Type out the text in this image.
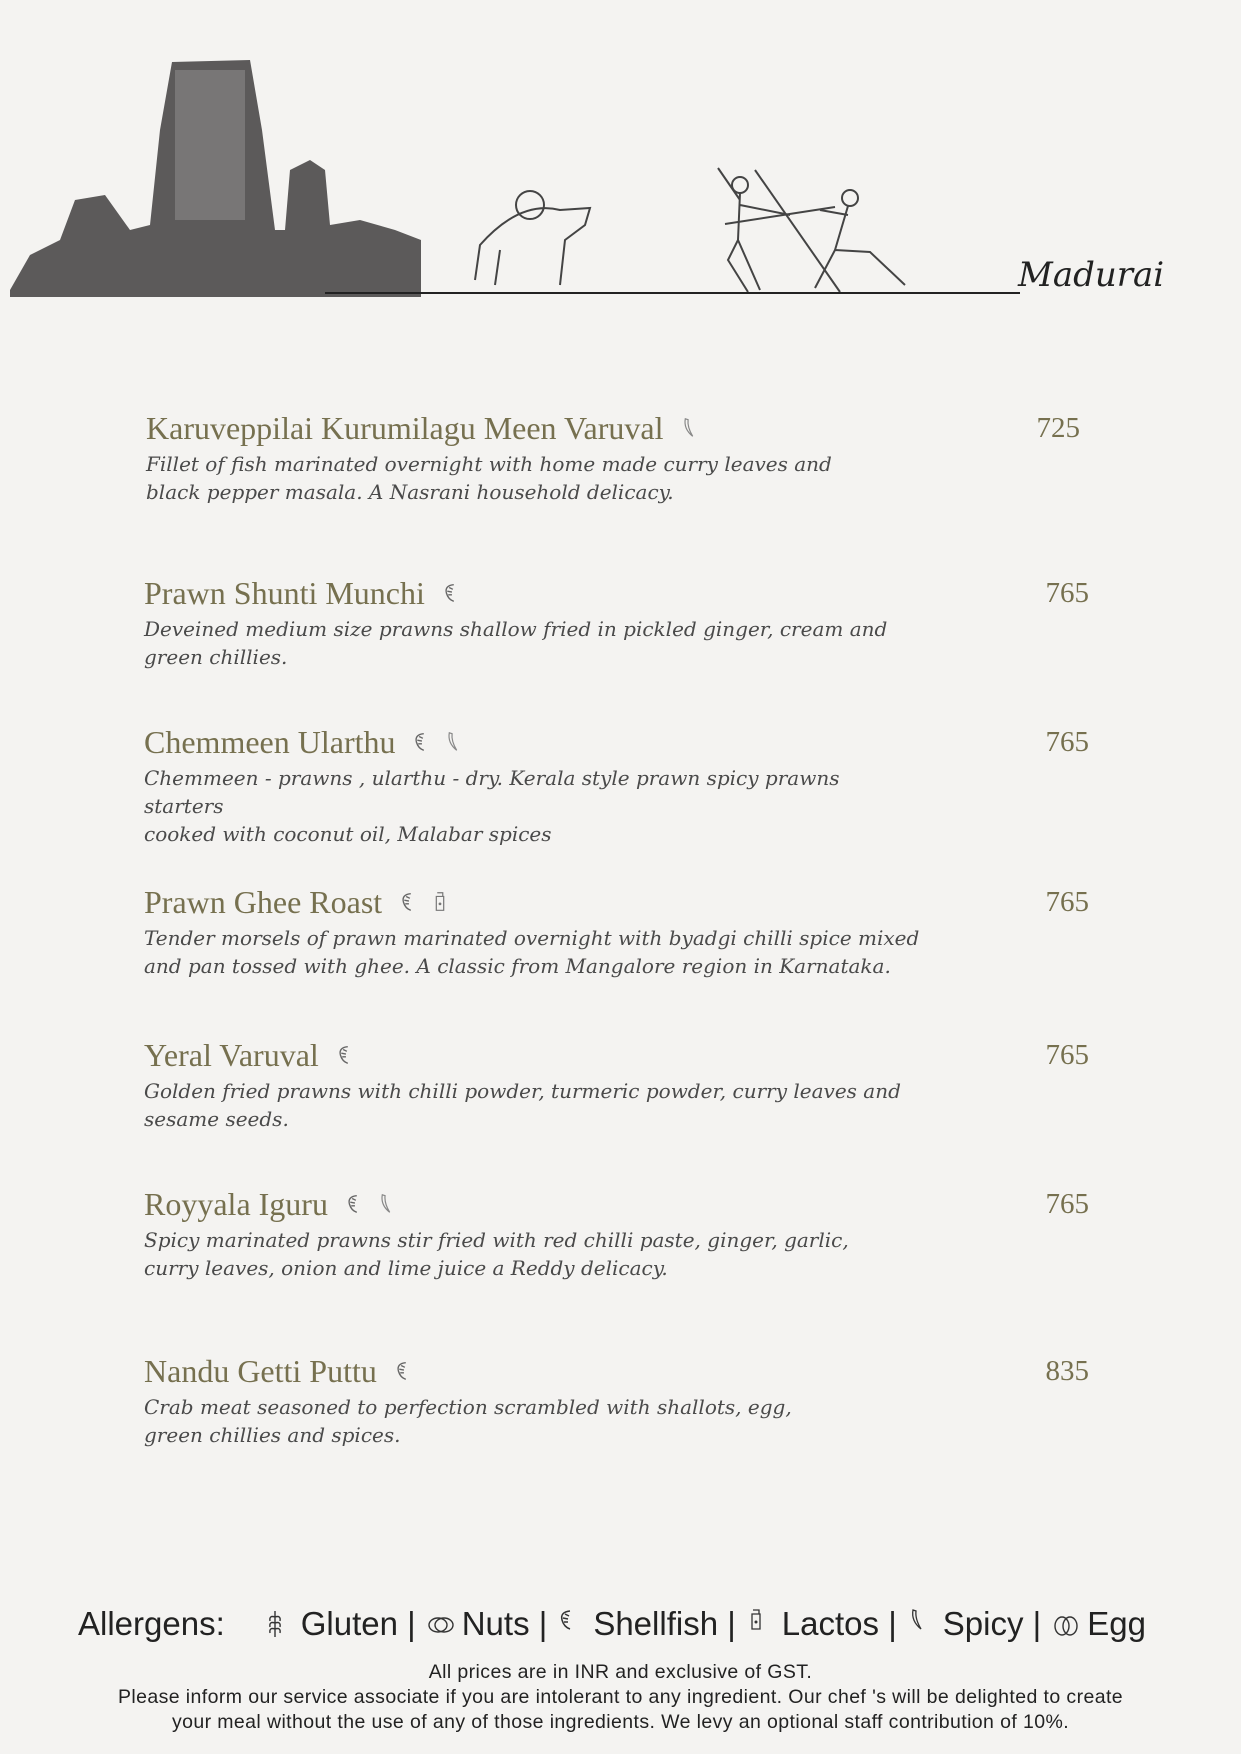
Madurai
Karuveppilai Kurumilagu Meen Varuval	725
Fillet of fish marinated overnight with home made curry leaves and
black pepper masala. A Nasrani household delicacy.
Prawn Shunti Munchi	765
Deveined medium size prawns shallow fried in pickled ginger, cream and
green chillies.
Chemmeen Ularthu	765
Chemmeen - prawns , ularthu - dry. Kerala style prawn spicy prawns starters
cooked with coconut oil, Malabar spices
Prawn Ghee Roast	765
Tender morsels of prawn marinated overnight with byadgi chilli spice mixed
and pan tossed with ghee. A classic from Mangalore region in Karnataka.
Yeral Varuval	765
Golden fried prawns with chilli powder, turmeric powder, curry leaves and
sesame seeds.
Royyala Iguru	765
Spicy marinated prawns stir fried with red chilli paste, ginger, garlic,
curry leaves, onion and lime juice a Reddy delicacy.
Nandu Getti Puttu	835
Crab meat seasoned to perfection scrambled with shallots, egg,
green chillies and spices.
Allergens: Gluten | Nuts | Shellfish | Lactos | Spicy | Egg
All prices are in INR and exclusive of GST.
Please inform our service associate if you are intolerant to any ingredient. Our chef 's will be delighted to create
your meal without the use of any of those ingredients. We levy an optional staff contribution of 10%.
